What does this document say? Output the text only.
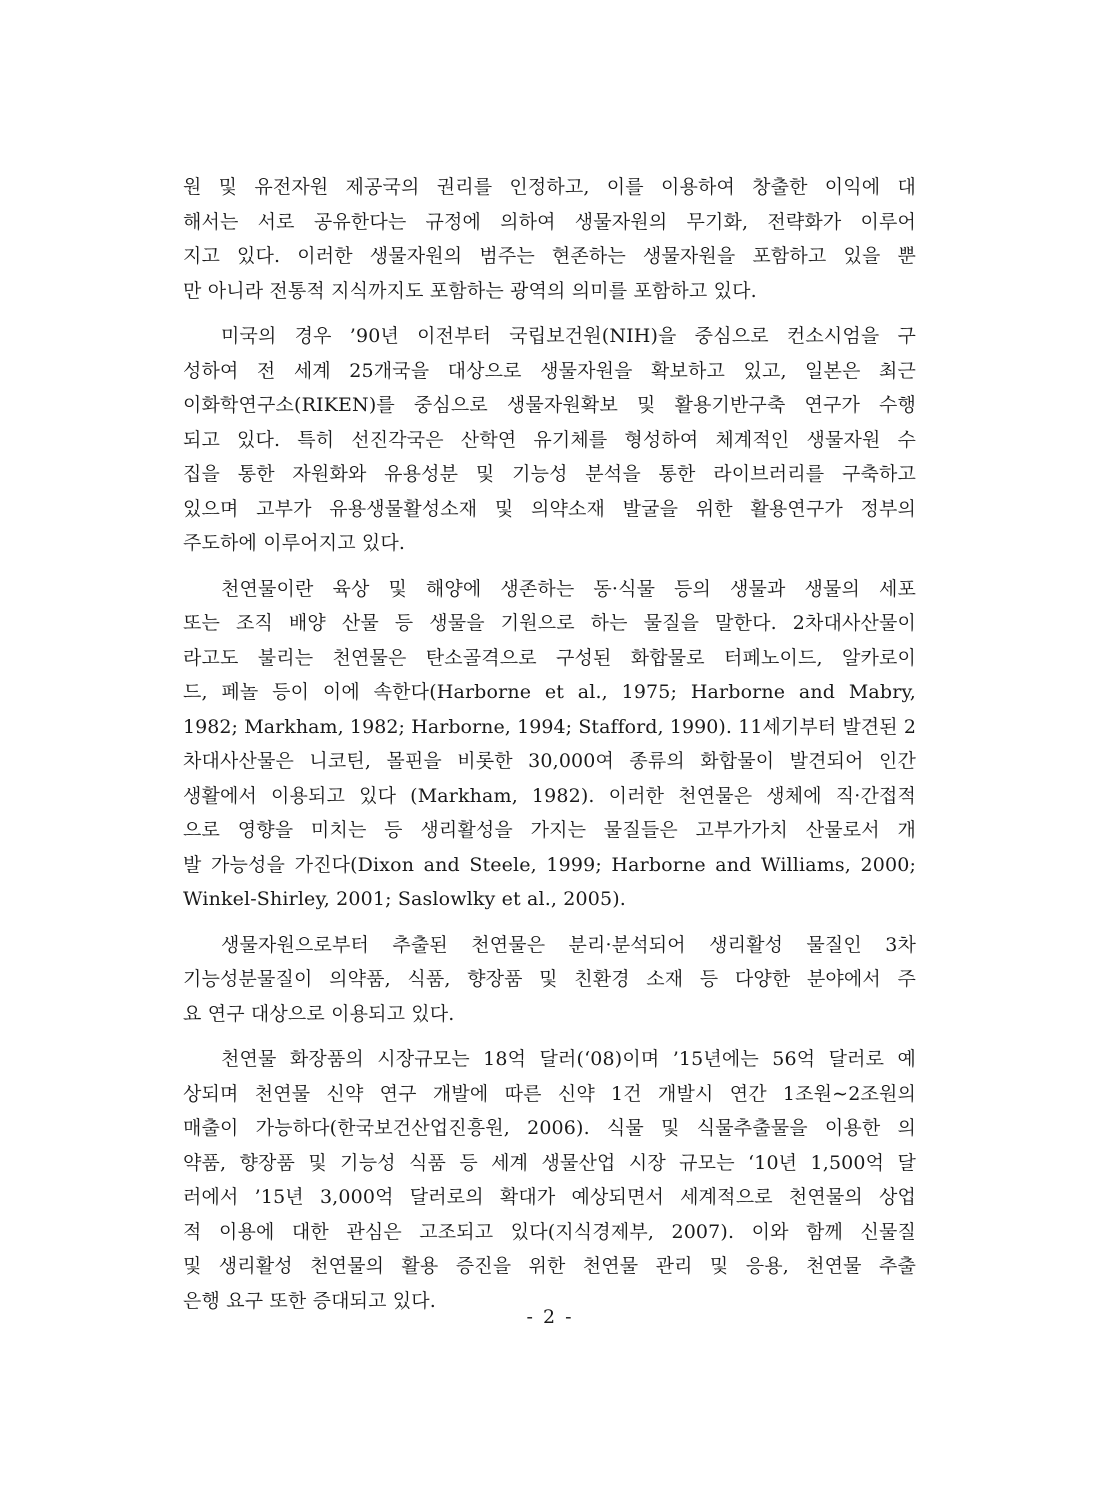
원 및 유전자원 제공국의 권리를 인정하고, 이를 이용하여 창출한 이익에 대
해서는 서로 공유한다는 규정에 의하여 생물자원의 무기화, 전략화가 이루어
지고 있다. 이러한 생물자원의 범주는 현존하는 생물자원을 포함하고 있을 뿐
만 아니라 전통적 지식까지도 포함하는 광역의 의미를 포함하고 있다.
미국의 경우 ’90년 이전부터 국립보건원(NIH)을 중심으로 컨소시엄을 구
성하여 전 세계 25개국을 대상으로 생물자원을 확보하고 있고, 일본은 최근
이화학연구소(RIKEN)를 중심으로 생물자원확보 및 활용기반구축 연구가 수행
되고 있다. 특히 선진각국은 산학연 유기체를 형성하여 체계적인 생물자원 수
집을 통한 자원화와 유용성분 및 기능성 분석을 통한 라이브러리를 구축하고
있으며 고부가 유용생물활성소재 및 의약소재 발굴을 위한 활용연구가 정부의
주도하에 이루어지고 있다.
천연물이란 육상 및 해양에 생존하는 동·식물 등의 생물과 생물의 세포
또는 조직 배양 산물 등 생물을 기원으로 하는 물질을 말한다. 2차대사산물이
라고도 불리는 천연물은 탄소골격으로 구성된 화합물로 터페노이드, 알카로이
드, 페놀 등이 이에 속한다(Harborne et al., 1975; Harborne and Mabry,
1982; Markham, 1982; Harborne, 1994; Stafford, 1990). 11세기부터 발견된 2
차대사산물은 니코틴, 몰핀을 비롯한 30,000여 종류의 화합물이 발견되어 인간
생활에서 이용되고 있다 (Markham, 1982). 이러한 천연물은 생체에 직·간접적
으로 영향을 미치는 등 생리활성을 가지는 물질들은 고부가가치 산물로서 개
발 가능성을 가진다(Dixon and Steele, 1999; Harborne and Williams, 2000;
Winkel-Shirley, 2001; Saslowlky et al., 2005).
생물자원으로부터 추출된 천연물은 분리·분석되어 생리활성 물질인 3차
기능성분물질이 의약품, 식품, 향장품 및 친환경 소재 등 다양한 분야에서 주
요 연구 대상으로 이용되고 있다.
천연물 화장품의 시장규모는 18억 달러(‘08)이며 ’15년에는 56억 달러로 예
상되며 천연물 신약 연구 개발에 따른 신약 1건 개발시 연간 1조원∼2조원의
매출이 가능하다(한국보건산업진흥원, 2006). 식물 및 식물추출물을 이용한 의
약품, 향장품 및 기능성 식품 등 세계 생물산업 시장 규모는 ‘10년 1,500억 달
러에서 ’15년 3,000억 달러로의 확대가 예상되면서 세계적으로 천연물의 상업
적 이용에 대한 관심은 고조되고 있다(지식경제부, 2007). 이와 함께 신물질
및 생리활성 천연물의 활용 증진을 위한 천연물 관리 및 응용, 천연물 추출
은행 요구 또한 증대되고 있다.
- 2 -
